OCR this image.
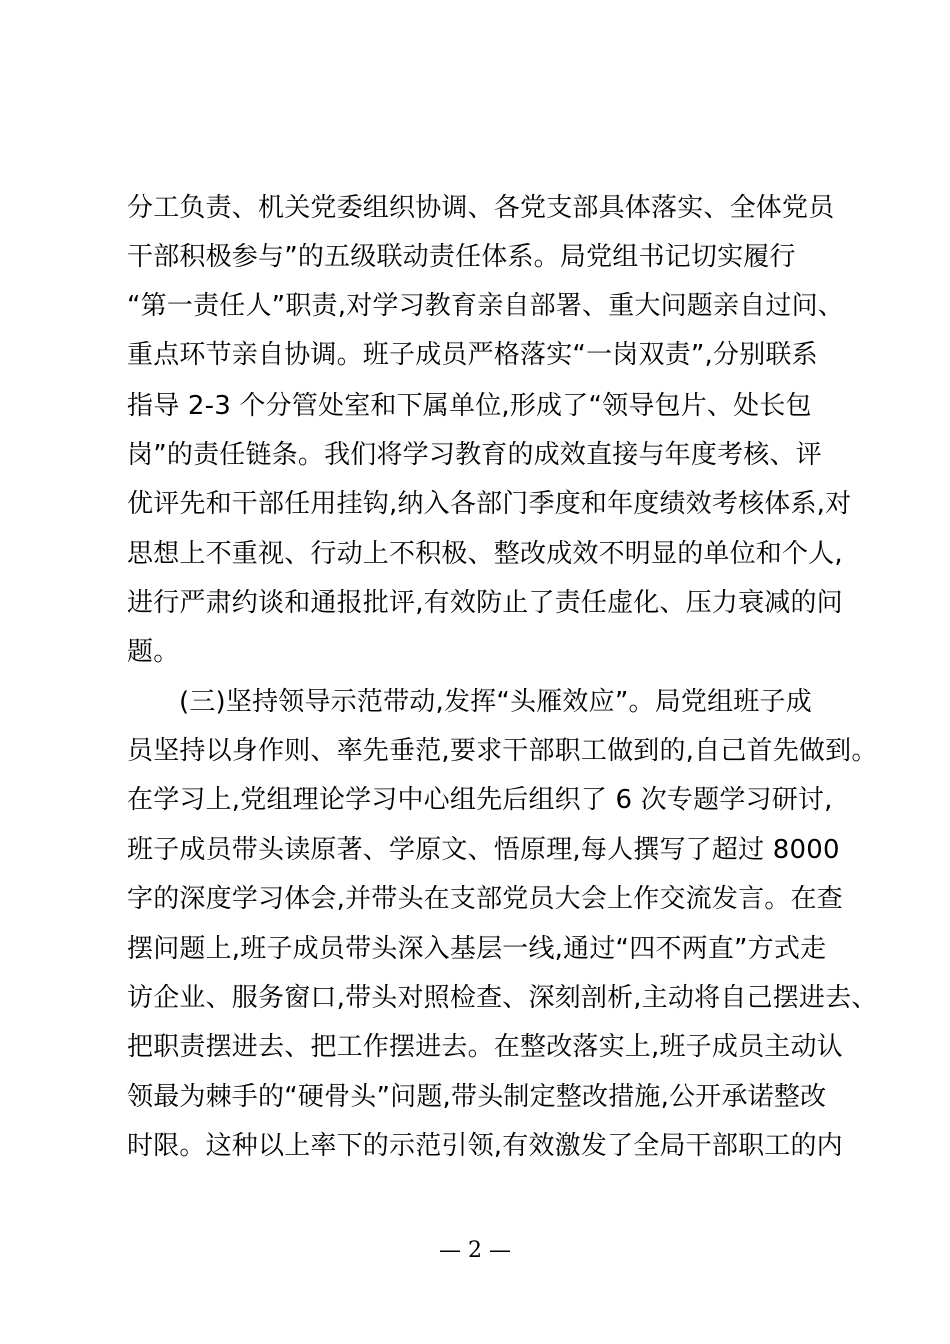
分工负责、机关党委组织协调、各党支部具体落实、全体党员
干部积极参与”的五级联动责任体系。局党组书记切实履行
“第一责任人”职责,对学习教育亲自部署、重大问题亲自过问、
重点环节亲自协调。班子成员严格落实“一岗双责”,分别联系
指导 2-3 个分管处室和下属单位,形成了“领导包片、处长包
岗”的责任链条。我们将学习教育的成效直接与年度考核、评
优评先和干部任用挂钩,纳入各部门季度和年度绩效考核体系,对
思想上不重视、行动上不积极、整改成效不明显的单位和个人,
进行严肃约谈和通报批评,有效防止了责任虚化、压力衰减的问
题。
(三)坚持领导示范带动,发挥“头雁效应”。局党组班子成
员坚持以身作则、率先垂范,要求干部职工做到的,自己首先做到。
在学习上,党组理论学习中心组先后组织了 6 次专题学习研讨,
班子成员带头读原著、学原文、悟原理,每人撰写了超过 8000
字的深度学习体会,并带头在支部党员大会上作交流发言。在查
摆问题上,班子成员带头深入基层一线,通过“四不两直”方式走
访企业、服务窗口,带头对照检查、深刻剖析,主动将自己摆进去、
把职责摆进去、把工作摆进去。在整改落实上,班子成员主动认
领最为棘手的“硬骨头”问题,带头制定整改措施,公开承诺整改
时限。这种以上率下的示范引领,有效激发了全局干部职工的内
— 2 —
